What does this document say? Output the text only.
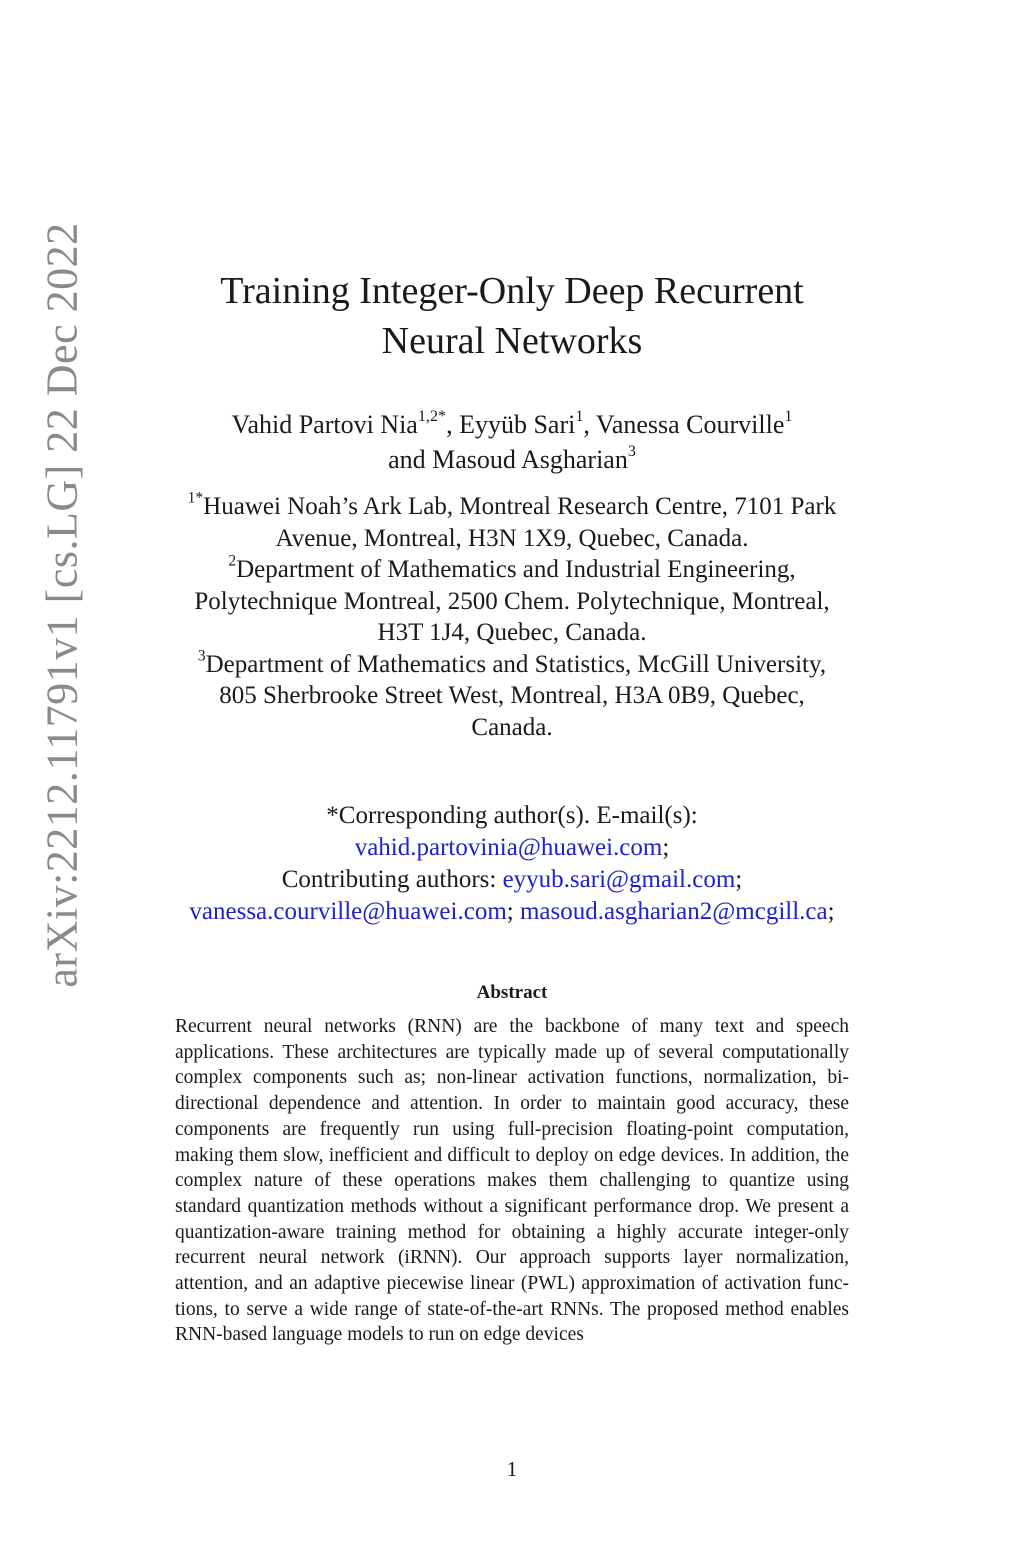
arXiv:2212.11791v1 [cs.LG] 22 Dec 2022	Training Integer-Only Deep Recurrent
Neural Networks
Vahid Partovi Nia$^{1,2*}$, Eyyüb Sari$^1$, Vanessa Courville$^1$
and Masoud Asgharian$^3$
$^{1*}$Huawei Noah’s Ark Lab, Montreal Research Centre, 7101 Park
Avenue, Montreal, H3N 1X9, Quebec, Canada.
$^2$Department of Mathematics and Industrial Engineering,
Polytechnique Montreal, 2500 Chem. Polytechnique, Montreal,
H3T 1J4, Quebec, Canada.
$^3$Department of Mathematics and Statistics, McGill University,
805 Sherbrooke Street West, Montreal, H3A 0B9, Quebec,
Canada.
*Corresponding author(s). E-mail(s):
vahid.partovinia@huawei.com;
Contributing authors: eyyub.sari@gmail.com;
vanessa.courville@huawei.com; masoud.asgharian2@mcgill.ca;
Abstract
Recurrent neural networks (RNN) are the backbone of many text and speech applications. These architectures are typically made up of several computationally complex components such as; non-linear activation functions, normalization, bi-directional dependence and attention. In order to maintain good accuracy, these components are frequently run using full-precision floating-point computation, making them slow, inefficient and difficult to deploy on edge devices. In addition, the complex nature of these operations makes them challenging to quantize using standard quantization methods without a significant performance drop. We present a quantization-aware training method for obtaining a highly accurate integer-only recurrent neural network (iRNN). Our approach supports layer normalization, attention, and an adaptive piecewise linear (PWL) approximation of activation functions, to serve a wide range of state-of-the-art RNNs. The proposed method enables RNN-based language models to run on edge devices
1
